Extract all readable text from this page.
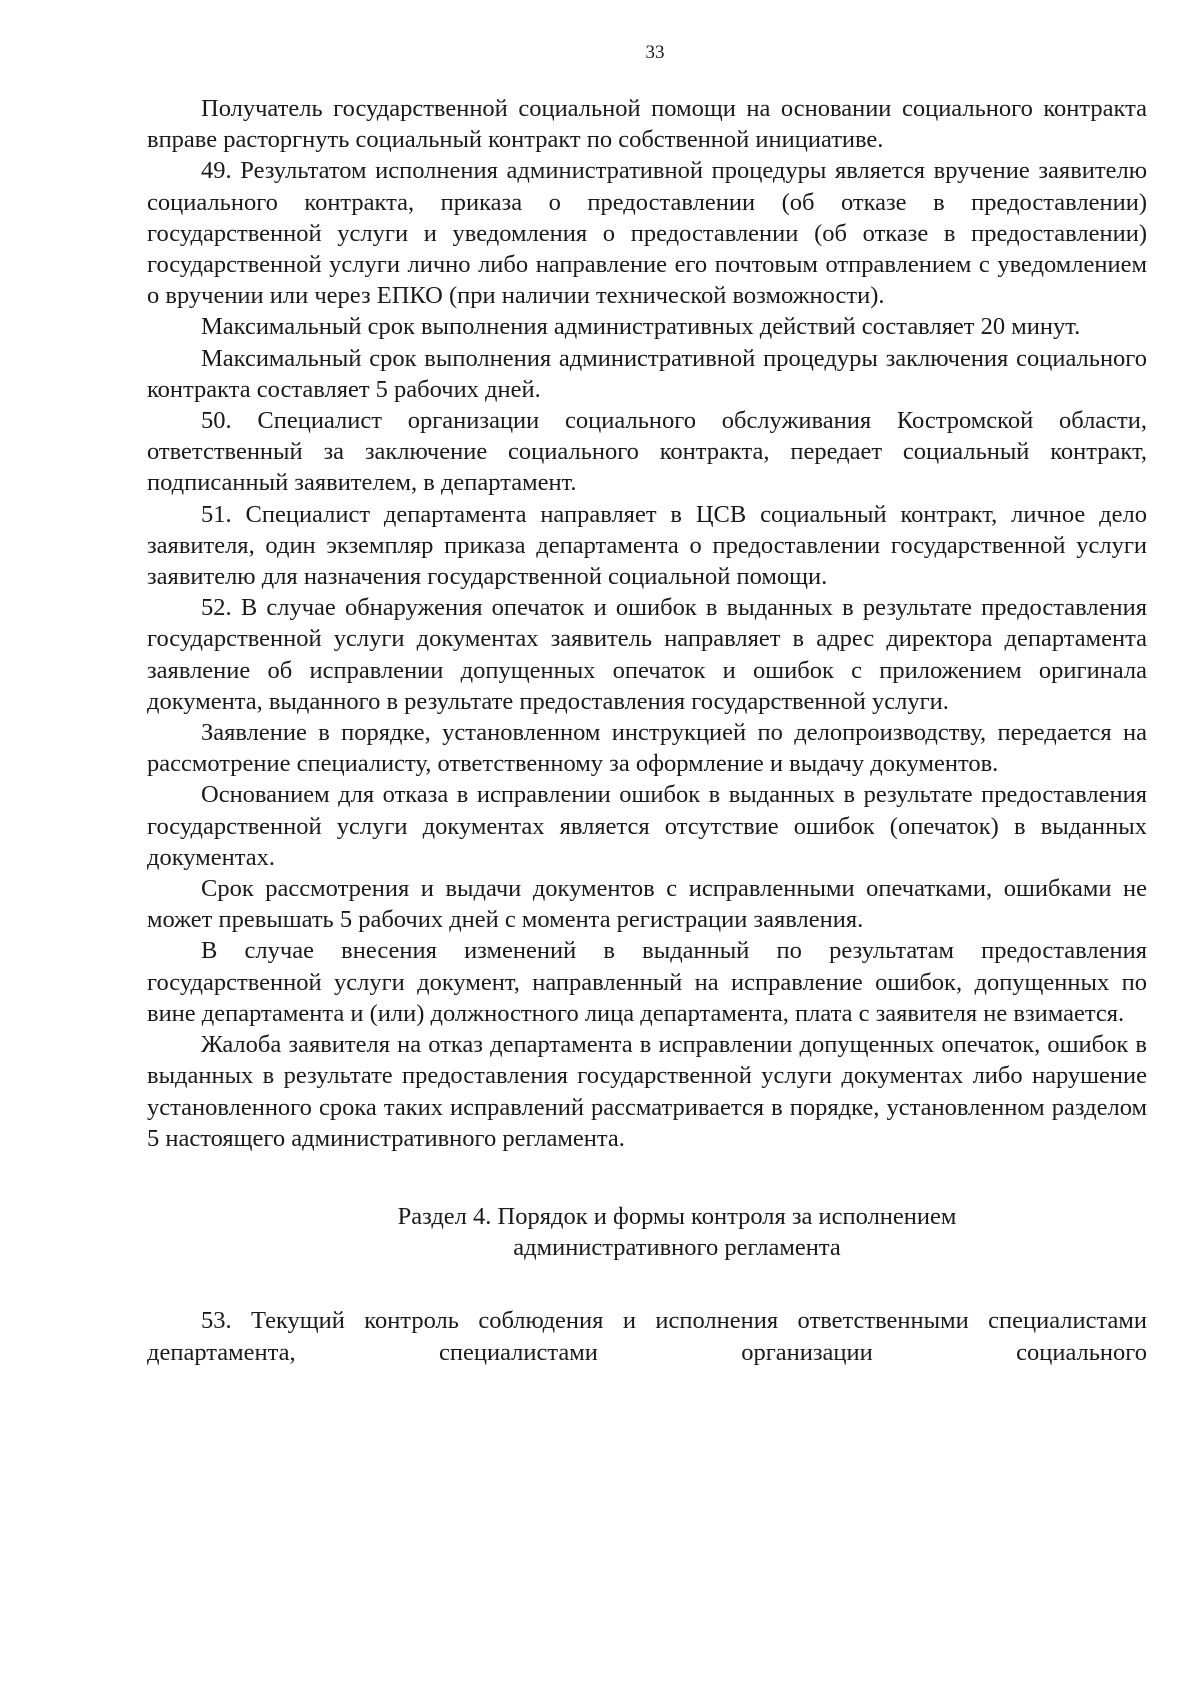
33

Получатель государственной социальной помощи на основании социального контракта вправе расторгнуть социальный контракт по собственной инициативе.

49. Результатом исполнения административной процедуры является вручение заявителю социального контракта, приказа о предоставлении (об отказе в предоставлении) государственной услуги и уведомления о предоставлении (об отказе в предоставлении) государственной услуги лично либо направление его почтовым отправлением с уведомлением о вручении или через ЕПКО (при наличии технической возможности).

Максимальный срок выполнения административных действий составляет 20 минут.

Максимальный срок выполнения административной процедуры заключения социального контракта составляет 5 рабочих дней.

50. Специалист организации социального обслуживания Костромской области, ответственный за заключение социального контракта, передает социальный контракт, подписанный заявителем, в департамент.

51. Специалист департамента направляет в ЦСВ социальный контракт, личное дело заявителя, один экземпляр приказа департамента о предоставлении государственной услуги заявителю для назначения государственной социальной помощи.

52. В случае обнаружения опечаток и ошибок в выданных в результате предоставления государственной услуги документах заявитель направляет в адрес директора департамента заявление об исправлении допущенных опечаток и ошибок с приложением оригинала документа, выданного в результате предоставления государственной услуги.

Заявление в порядке, установленном инструкцией по делопроизводству, передается на рассмотрение специалисту, ответственному за оформление и выдачу документов.

Основанием для отказа в исправлении ошибок в выданных в результате предоставления государственной услуги документах является отсутствие ошибок (опечаток) в выданных документах.

Срок рассмотрения и выдачи документов с исправленными опечатками, ошибками не может превышать 5 рабочих дней с момента регистрации заявления.

В случае внесения изменений в выданный по результатам предоставления государственной услуги документ, направленный на исправление ошибок, допущенных по вине департамента и (или) должностного лица департамента, плата с заявителя не взимается.

Жалоба заявителя на отказ департамента в исправлении допущенных опечаток, ошибок в выданных в результате предоставления государственной услуги документах либо нарушение установленного срока таких исправлений рассматривается в порядке, установленном разделом 5 настоящего административного регламента.

Раздел 4. Порядок и формы контроля за исполнением
административного регламента

53. Текущий контроль соблюдения и исполнения ответственными специалистами департамента, специалистами организации социального
